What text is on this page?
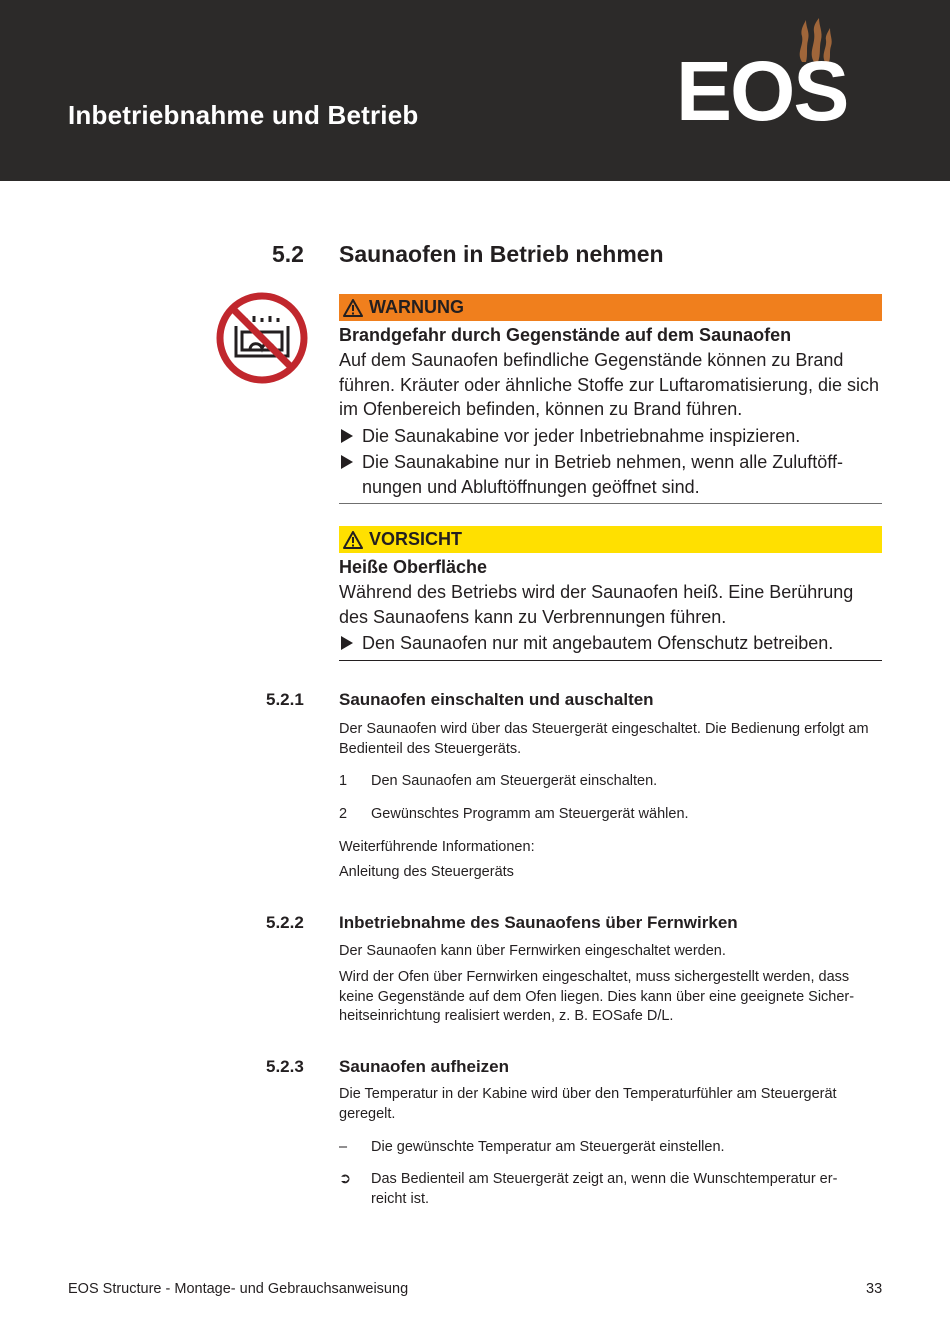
Inbetriebnahme und Betrieb	EOS
5.2 Saunaofen in Betrieb nehmen
WARNUNG
Brandgefahr durch Gegenstände auf dem Saunaofen
Auf dem Saunaofen befindliche Gegenstände können zu Brand führen. Kräuter oder ähnliche Stoffe zur Luftaromatisierung, die sich im Ofenbereich befinden, können zu Brand führen.
Die Saunakabine vor jeder Inbetriebnahme inspizieren.
Die Saunakabine nur in Betrieb nehmen, wenn alle Zuluftöff-nungen und Abluftöffnungen geöffnet sind.
VORSICHT
Heiße Oberfläche
Während des Betriebs wird der Saunaofen heiß. Eine Berührung des Saunaofens kann zu Verbrennungen führen.
Den Saunaofen nur mit angebautem Ofenschutz betreiben.
5.2.1 Saunaofen einschalten und auschalten
Der Saunaofen wird über das Steuergerät eingeschaltet. Die Bedienung erfolgt am Bedienteil des Steuergeräts.
1	Den Saunaofen am Steuergerät einschalten.
2	Gewünschtes Programm am Steuergerät wählen.
Weiterführende Informationen:
Anleitung des Steuergeräts
5.2.2 Inbetriebnahme des Saunaofens über Fernwirken
Der Saunaofen kann über Fernwirken eingeschaltet werden.
Wird der Ofen über Fernwirken eingeschaltet, muss sichergestellt werden, dass keine Gegenstände auf dem Ofen liegen. Dies kann über eine geeignete Sicher-heitseinrichtung realisiert werden, z. B. EOSafe D/L.
5.2.3 Saunaofen aufheizen
Die Temperatur in der Kabine wird über den Temperaturfühler am Steuergerät geregelt.
–	Die gewünschte Temperatur am Steuergerät einstellen.
➲	Das Bedienteil am Steuergerät zeigt an, wenn die Wunschtemperatur er-reicht ist.
EOS Structure - Montage- und Gebrauchsanweisung	33
